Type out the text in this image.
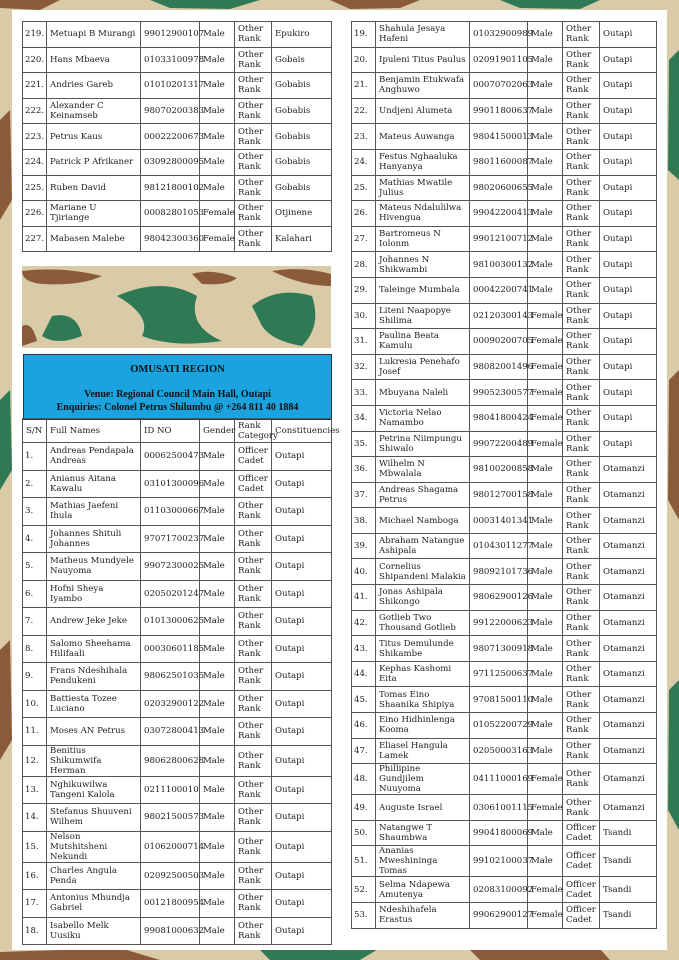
219.	Metuapi B Murangi	99012900107	Male	Other Rank	Epukiro
220.	Hans Mbaeva	01033100978	Male	Other Rank	Gobais
221.	Andries Gareb	01010201317	Male	Other Rank	Gobabis
222.	Alexander C Keinamseb	98070200383	Male	Other Rank	Gobabis
223.	Petrus Kaus	00022200673	Male	Other Rank	Gobabis
224.	Patrick P Afrikaner	03092800095	Male	Other Rank	Gobabis
225.	Ruben David	98121800102	Male	Other Rank	Gobabis
226.	Mariane U Tjiriange	00082801053	Female	Other Rank	Otjinene
227.	Mabasen Malebe	98042300360	Female	Other Rank	Kalahari
OMUSATI REGION
Venue: Regional Council Main Hall, Outapi
Enquiries: Colonel Petrus Shilumbu @ +264 811 40 1884
S/N	Full Names	ID NO	Gender	Rank Category	Constituencies
1.	Andreas Pendapala Andreas	00062500473	Male	Officer Cadet	Outapi
2.	Anianus Aitana Kawalu	03101300096	Male	Officer Cadet	Outapi
3.	Mathias Jaefeni Ihula	01103000667	Male	Other Rank	Outapi
4.	Johannes Shituli Johannes	97071700237	Male	Other Rank	Outapi
5.	Matheus Mundyele Nauyoma	99072300025	Male	Other Rank	Outapi
6.	Hofni Sheya Iyambo	02050201247	Male	Other Rank	Outapi
7.	Andrew Jeke Jeke	01013000625	Male	Other Rank	Outapi
8.	Salomo Sheehama Hilifaali	00030601185	Male	Other Rank	Outapi
9.	Frans Ndeshihala Pendukeni	98062501035	Male	Other Rank	Outapi
10.	Battiesta Tozee Luciano	02032900122	Male	Other Rank	Outapi
11.	Moses AN Petrus	03072800413	Male	Other Rank	Outapi
12.	Benitius Shikumwifa Herman	98062800628	Male	Other Rank	Outapi
13.	Nghikuwilwa Tangeni Kalola	0211100010	Male	Other Rank	Outapi
14.	Stefanus Shuuveni Wilhem	98021500573	Male	Other Rank	Outapi
15.	Nelson Mutshitsheni Nekundi	01062000714	Male	Other Rank	Outapi
16.	Charles Angula Penda	02092500503	Male	Other Rank	Outapi
17.	Antonius Mhundja Gabriel	00121800954	Male	Other Rank	Outapi
18.	Isabello Melk Uusiku	99081000632	Male	Other Rank	Outapi
19.	Shahula Jesaya Hafeni	01032900989	Male	Other Rank	Outapi
20.	Ipuleni Titus Paulus	02091901105	Male	Other Rank	Outapi
21.	Benjamin Etukwafa Anghuwo	00070702063	Male	Other Rank	Outapi
22.	Undjeni Alumeta	99011800637	Male	Other Rank	Outapi
23.	Mateus Auwanga	98041500013	Male	Other Rank	Outapi
24.	Festus Nghaaluka Hanyanya	98011600087	Male	Other Rank	Outapi
25.	Mathias Mwatile Julius	98020600655	Male	Other Rank	Outapi
26.	Mateus Ndalulilwa Hivengua	99042200413	Male	Other Rank	Outapi
27.	Bartromeus N Iolonm	99012100712	Male	Other Rank	Outapi
28.	Johannes N Shikwambi	98100300132	Male	Other Rank	Outapi
29.	Taleinge Mumbala	00042200741	Male	Other Rank	Outapi
30.	Liteni Naapopye Shilima	02120300143	Female	Other Rank	Outapi
31.	Paulina Beata Kamulu	00090200705	Female	Other Rank	Outapi
32.	Lukresia Penehafo Josef	98082001496	Female	Other Rank	Outapi
33.	Mbuyana Naleli	99052300577	Female	Other Rank	Outapi
34.	Victoria Nelao Namambo	98041800424	Female	Other Rank	Outapi
35.	Petrina Niimpungu Shiwalo	99072200489	Female	Other Rank	Outapi
36.	Wilhelm N Mbwalala	98100200858	Male	Other Rank	Otamanzi
37.	Andreas Shagama Petrus	98012700158	Male	Other Rank	Otamanzi
38.	Michael Namboga	00031401341	Male	Other Rank	Otamanzi
39.	Abraham Natangue Ashipala	01043011277	Male	Other Rank	Otamanzi
40.	Cornelius Shipandeni Malakia	98092101736	Male	Other Rank	Otamanzi
41.	Jonas Ashipala Shikongo	98062900126	Male	Other Rank	Otamanzi
42.	Gotlieb Two Thousand Gotlieb	99122000623	Male	Other Rank	Otamanzi
43.	Titus Demulunde Shikambe	98071300918	Male	Other Rank	Otamanzi
44.	Kephas Kashomi Eita	97112500637	Male	Other Rank	Otamanzi
45.	Tomas Eino Shaanika Shipiya	97081500110	Male	Other Rank	Otamanzi
46.	Eino Hidhinlenga Kooma	01052200729	Male	Other Rank	Otamanzi
47.	Eliasel Hangula Lamek	02050003163	Male	Other Rank	Otamanzi
48.	Phillipine Gundjilem Nuuyoma	04111000169	Female	Other Rank	Otamanzi
49.	Auguste Israel	03061001115	Female	Other Rank	Otamanzi
50.	Natangwe T Shaumbwa	99041800069	Male	Officer Cadet	Tsandi
51.	Ananias Mweshininga Tomas	99102100037	Male	Officer Cadet	Tsandi
52.	Selma Ndapewa Amutenya	02083100092	Female	Officer Cadet	Tsandi
53.	Ndeshihafela Erastus	99062900127	Female	Officer Cadet	Tsandi
